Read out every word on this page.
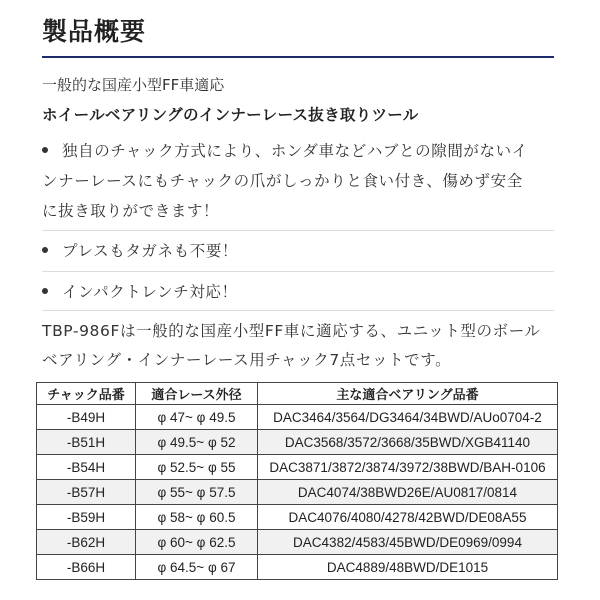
製品概要
一般的な国産小型FF車適応
ホイールベアリングのインナーレース抜き取りツール
独自のチャック方式により、ホンダ車などハブとの隙間がないイ
ンナーレースにもチャックの爪がしっかりと食い付き、傷めず安全
に抜き取りができます！
プレスもタガネも不要！
インパクトレンチ対応！
TBP-986Fは一般的な国産小型FF車に適応する、ユニット型のボール
ベアリング・インナーレース用チャック7点セットです。
チャック品番	適合レース外径	主な適合ベアリング品番
-B49H	φ 47~ φ 49.5	DAC3464/3564/DG3464/34BWD/AUo0704-2
-B51H	φ 49.5~ φ 52	DAC3568/3572/3668/35BWD/XGB41140
-B54H	φ 52.5~ φ 55	DAC3871/3872/3874/3972/38BWD/BAH-0106
-B57H	φ 55~ φ 57.5	DAC4074/38BWD26E/AU0817/0814
-B59H	φ 58~ φ 60.5	DAC4076/4080/4278/42BWD/DE08A55
-B62H	φ 60~ φ 62.5	DAC4382/4583/45BWD/DE0969/0994
-B66H	φ 64.5~ φ 67	DAC4889/48BWD/DE1015
